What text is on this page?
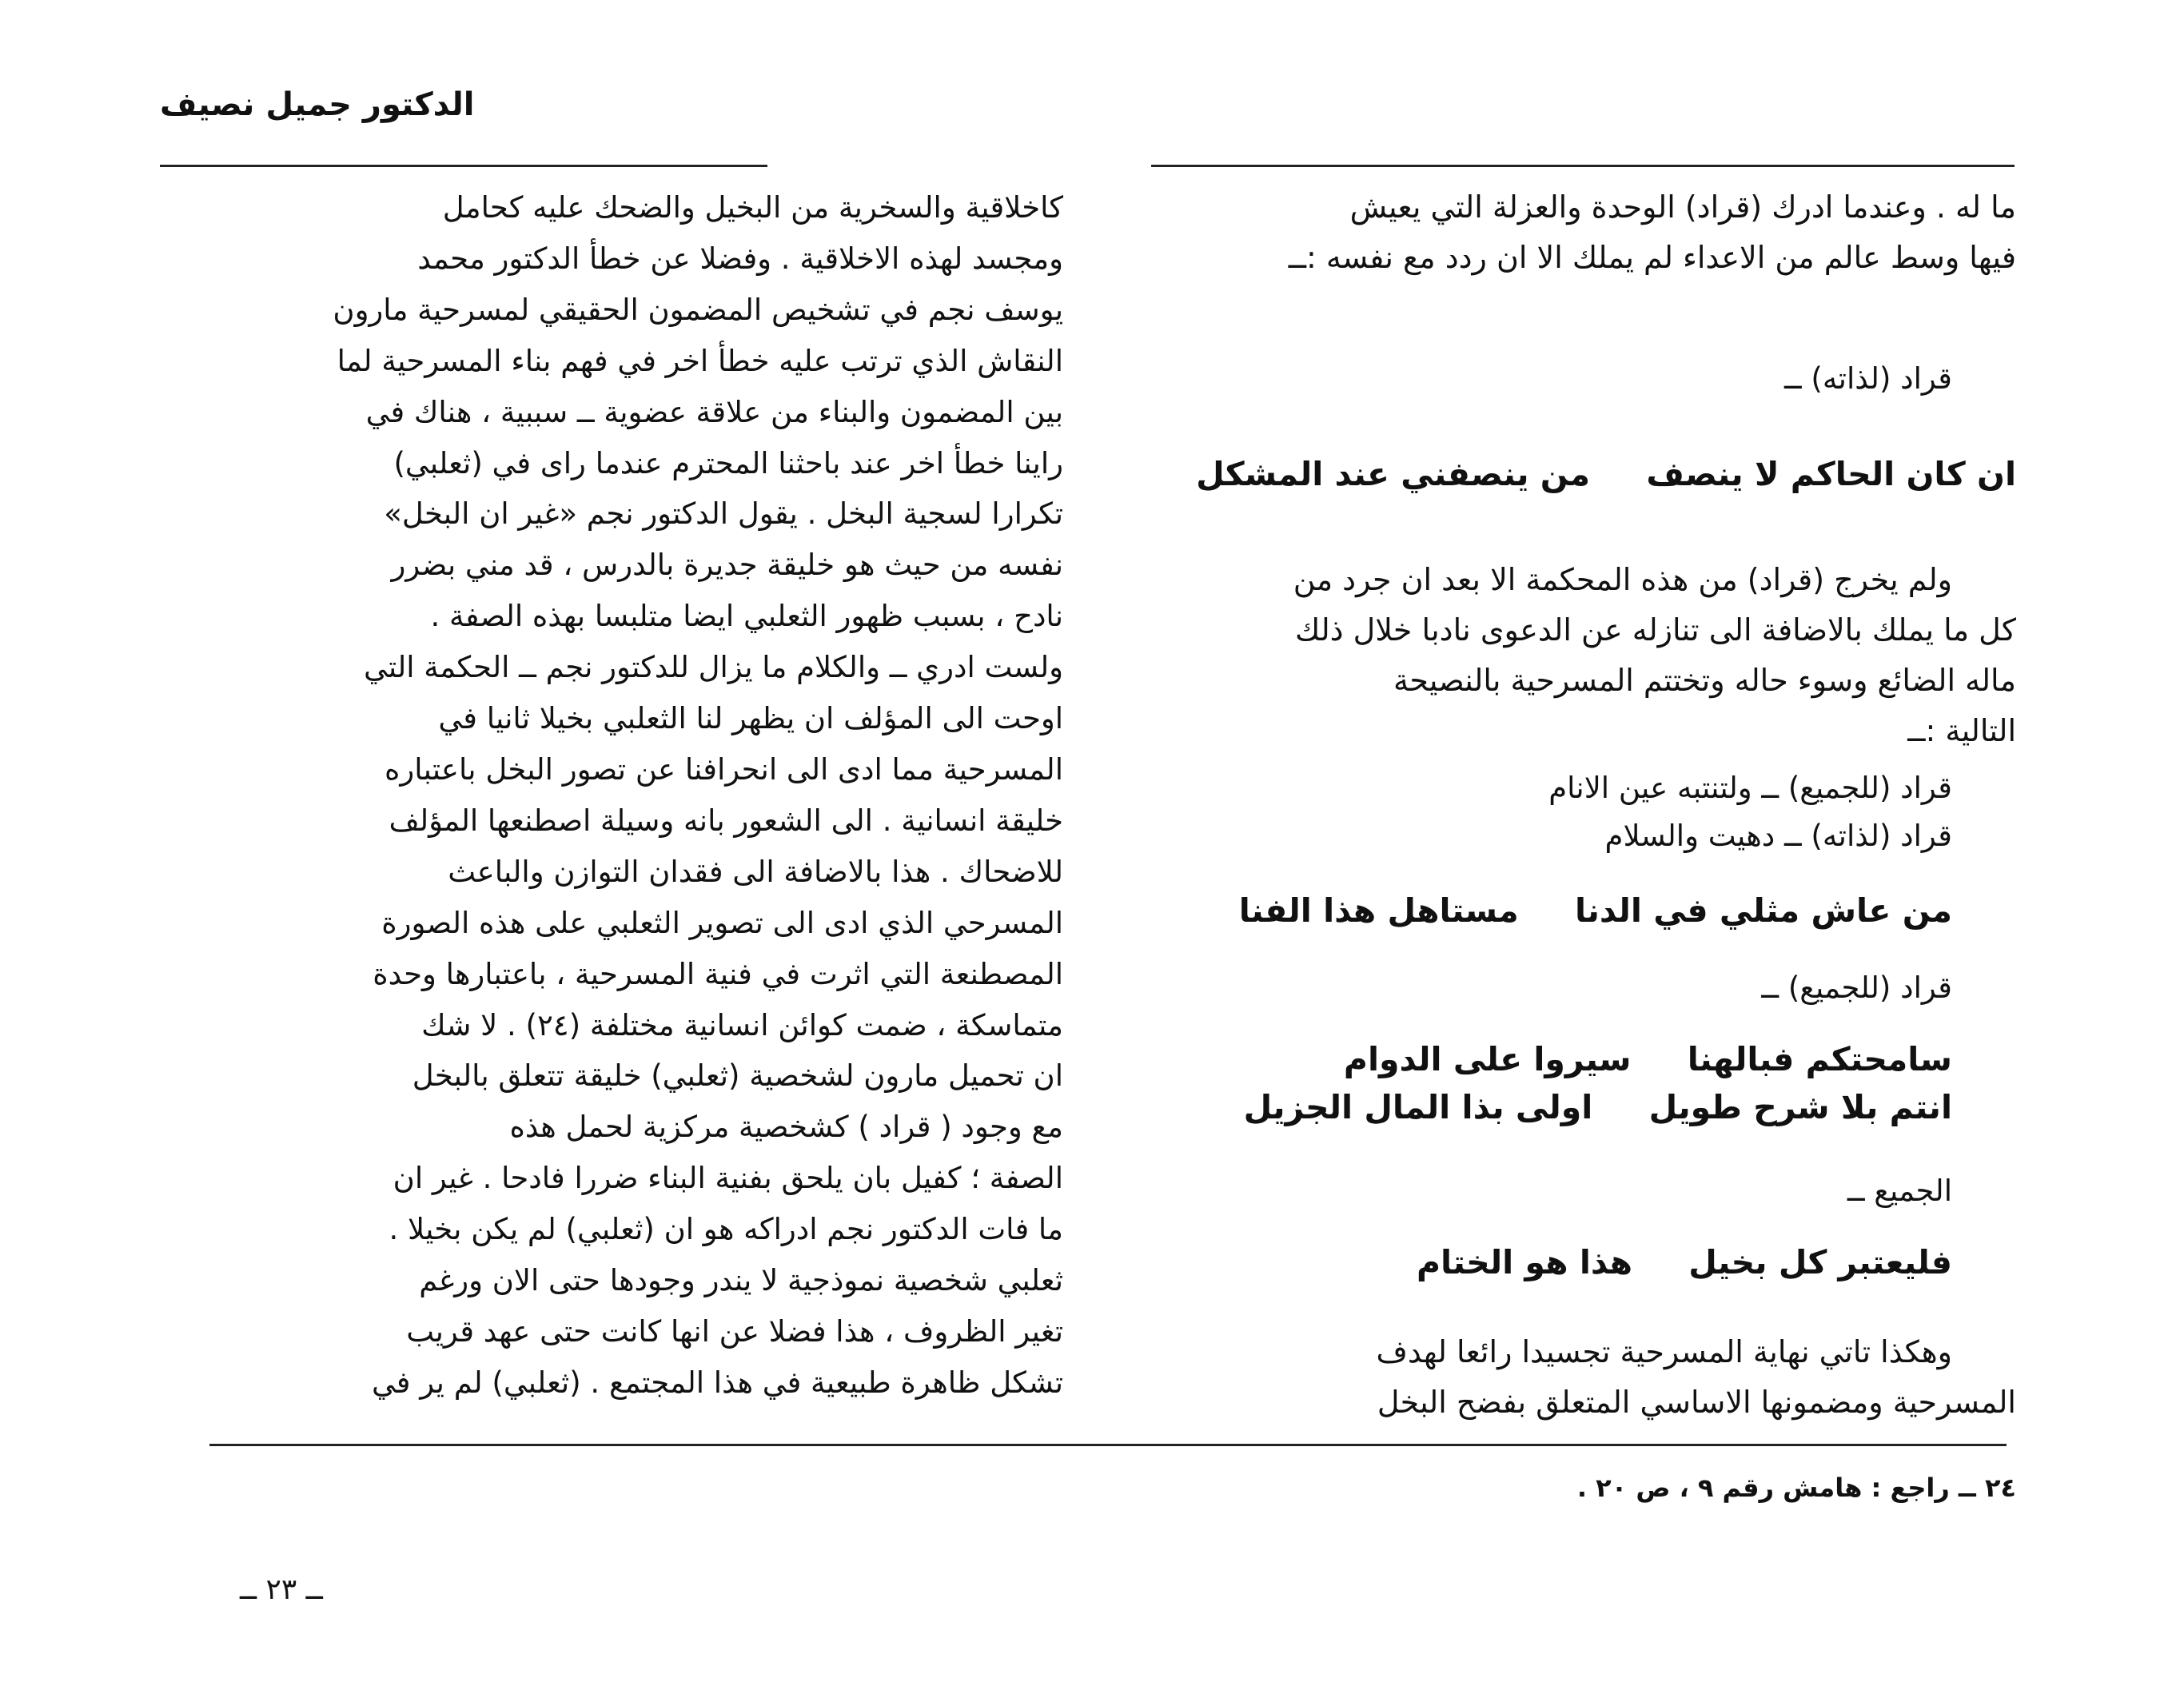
الدكتور جميل نصيف

كاخلاقية والسخرية من البخيل والضحك عليه كحامل

ومجسد لهذه الاخلاقية . وفضلا عن خطأ الدكتور محمد

يوسف نجم في تشخيص المضمون الحقيقي لمسرحية مارون

النقاش الذي ترتب عليه خطأ اخر في فهم بناء المسرحية لما

بين المضمون والبناء من علاقة عضوية ــ سببية ، هناك في

راينا خطأ اخر عند باحثنا المحترم عندما راى في (ثعلبي)

تكرارا لسجية البخل . يقول الدكتور نجم «غير ان البخل»

نفسه من حيث هو خليقة جديرة بالدرس ، قد مني بضرر

نادح ، بسبب ظهور الثعلبي ايضا متلبسا بهذه الصفة .

ولست ادري ــ والكلام ما يزال للدكتور نجم ــ الحكمة التي

اوحت الى المؤلف ان يظهر لنا الثعلبي بخيلا ثانيا في

المسرحية مما ادى الى انحرافنا عن تصور البخل باعتباره

خليقة انسانية . الى الشعور بانه وسيلة اصطنعها المؤلف

للاضحاك . هذا بالاضافة الى فقدان التوازن والباعث

المسرحي الذي ادى الى تصوير الثعلبي على هذه الصورة

المصطنعة التي اثرت في فنية المسرحية ، باعتبارها وحدة

متماسكة ، ضمت كوائن انسانية مختلفة (٢٤) . لا شك

ان تحميل مارون لشخصية (ثعلبي) خليقة تتعلق بالبخل

مع وجود ( قراد ) كشخصية مركزية لحمل هذه

الصفة ؛ كفيل بان يلحق بفنية البناء ضررا فادحا . غير ان

ما فات الدكتور نجم ادراكه هو ان (ثعلبي) لم يكن بخيلا .

ثعلبي شخصية نموذجية لا يندر وجودها حتى الان ورغم

تغير الظروف ، هذا فضلا عن انها كانت حتى عهد قريب

تشكل ظاهرة طبيعية في هذا المجتمع . (ثعلبي) لم ير في

ما له . وعندما ادرك (قراد) الوحدة والعزلة التي يعيش

فيها وسط عالم من الاعداء لم يملك الا ان ردد مع نفسه :ــ

قراد (لذاته) ــ
ان كان الحاكم لا ينصف من ينصفني عند المشكل

ولم يخرج (قراد) من هذه المحكمة الا بعد ان جرد من

كل ما يملك بالاضافة الى تنازله عن الدعوى نادبا خلال ذلك

ماله الضائع وسوء حاله وتختتم المسرحية بالنصيحة

التالية :ــ

قراد (للجميع) ــ ولتنتبه عين الانام
قراد (لذاته) ــ دهيت والسلام
من عاش مثلي في الدنا مستاهل هذا الفنا
قراد (للجميع) ــ
سامحتكم فبالهنا سيروا على الدوام
انتم بلا شرح طويل اولى بذا المال الجزيل
الجميع ــ
فليعتبر كل بخيل هذا هو الختام

وهكذا تاتي نهاية المسرحية تجسيدا رائعا لهدف

المسرحية ومضمونها الاساسي المتعلق بفضح البخل

٢٤ ــ راجع : هامش رقم ٩ ، ص ٢٠ .
ــ ٢٣ ــ
